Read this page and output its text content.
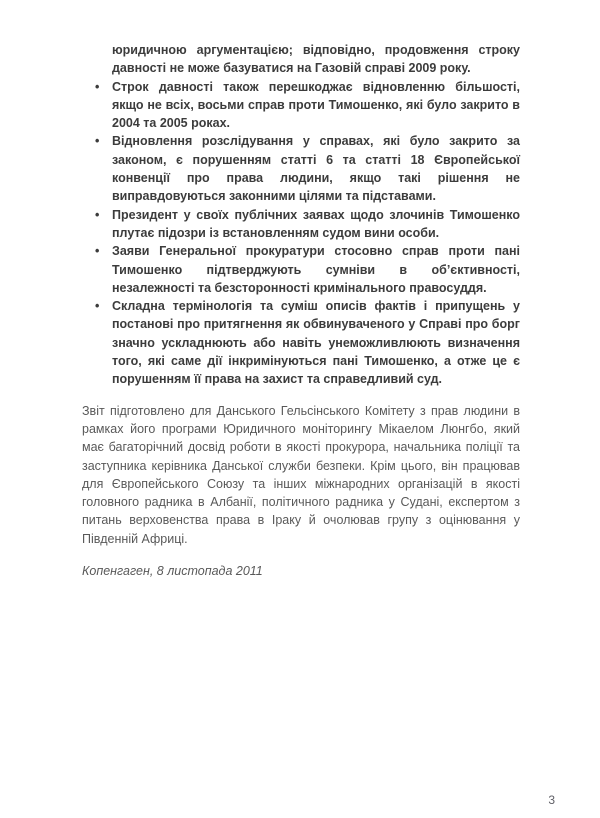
юридичною аргументацією; відповідно, продовження строку давності не може базуватися на Газовій справі 2009 року.
• Строк давності також перешкоджає відновленню більшості, якщо не всіх, восьми справ проти Тимошенко, які було закрито в 2004 та 2005 роках.
• Відновлення розслідування у справах, які було закрито за законом, є порушенням статті 6 та статті 18 Європейської конвенції про права людини, якщо такі рішення не виправдовуються законними цілями та підставами.
• Президент у своїх публічних заявах щодо злочинів Тимошенко плутає підозри із встановленням судом вини особи.
• Заяви Генеральної прокуратури стосовно справ проти пані Тимошенко підтверджують сумніви в об’єктивності, незалежності та безсторонності кримінального правосуддя.
• Складна термінологія та суміш описів фактів і припущень у постанові про притягнення як обвинуваченого у Справі про борг значно ускладнюють або навіть унеможливлюють визначення того, які саме дії інкримінуються пані Тимошенко, а отже це є порушенням її права на захист та справедливий суд.

Звіт підготовлено для Данського Гельсінського Комітету з прав людини в рамках його програми Юридичного моніторингу Мікаелом Люнгбо, який має багаторічний досвід роботи в якості прокурора, начальника поліції та заступника керівника Данської служби безпеки. Крім цього, він працював для Європейського Союзу та інших міжнародних організацій в якості головного радника в Албанії, політичного радника у Судані, експертом з питань верховенства права в Іраку й очолював групу з оцінювання у Південній Африці.

Копенгаген, 8 листопада 2011

3
